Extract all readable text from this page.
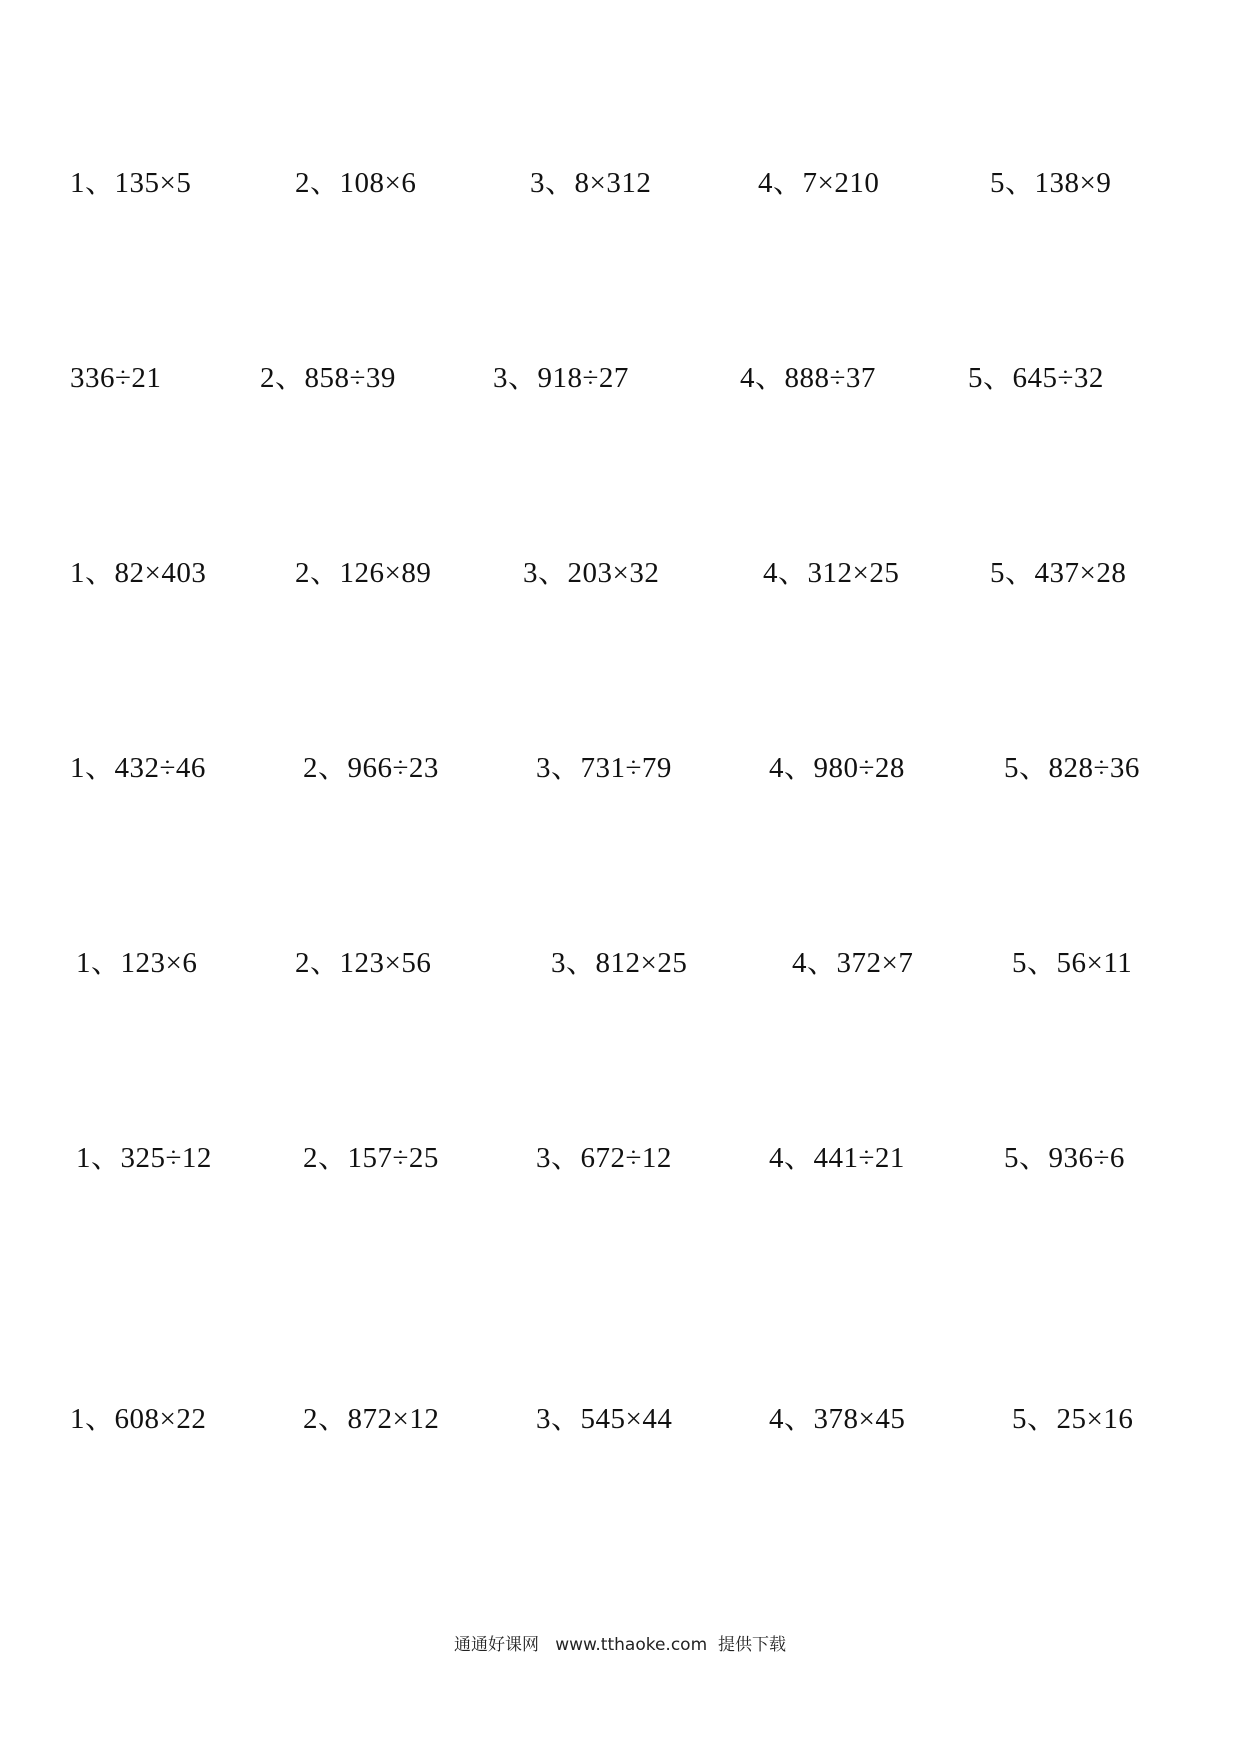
1、135×5	2、108×6	3、8×312	4、7×210	5、138×9
336÷21	2、858÷39	3、918÷27	4、888÷37	5、645÷32
1、82×403	2、126×89	3、203×32	4、312×25	5、437×28
1、432÷46	2、966÷23	3、731÷79	4、980÷28	5、828÷36
1、123×6	2、123×56	3、812×25	4、372×7	5、56×11
1、325÷12	2、157÷25	3、672÷12	4、441÷21	5、936÷6
1、608×22	2、872×12	3、545×44	4、378×45	5、25×16
通通好课网 www.tthaoke.com 提供下载
